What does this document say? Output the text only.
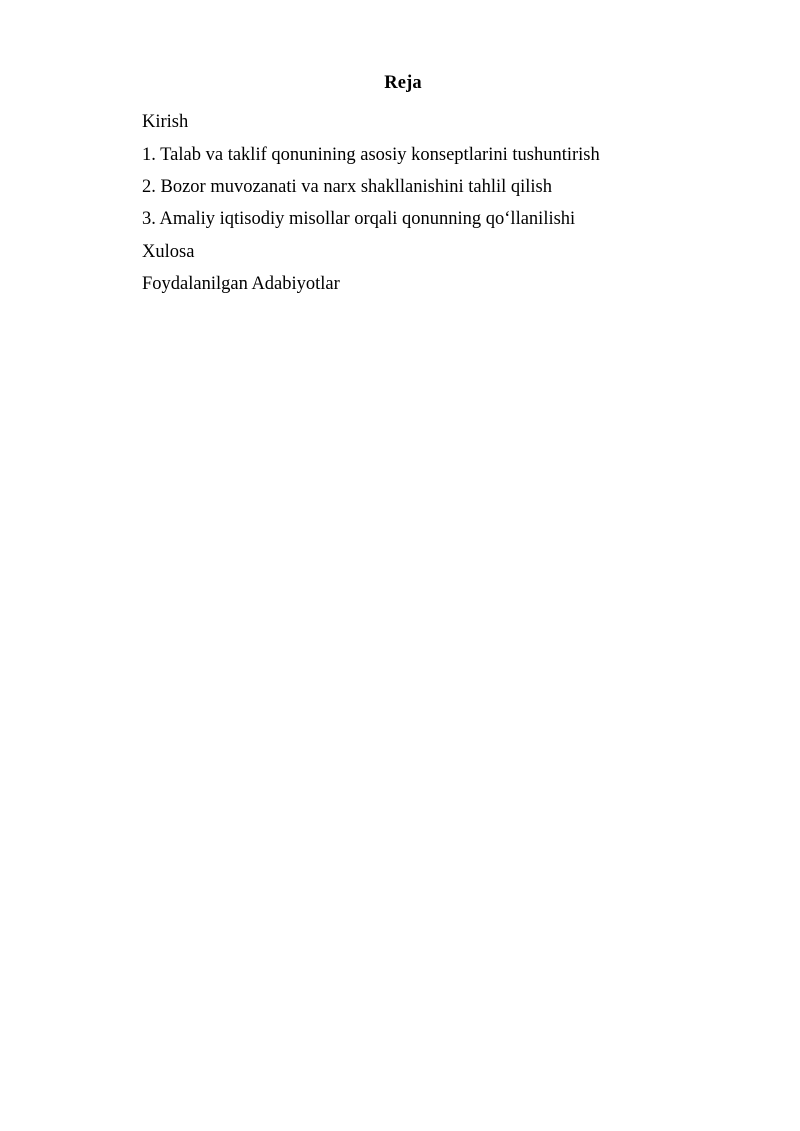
Reja
Kirish
1. Talab va taklif qonunining asosiy konseptlarini tushuntirish
2. Bozor muvozanati va narx shakllanishini tahlil qilish
3. Amaliy iqtisodiy misollar orqali qonunning qo‘llanilishi
Xulosa
Foydalanilgan Adabiyotlar
